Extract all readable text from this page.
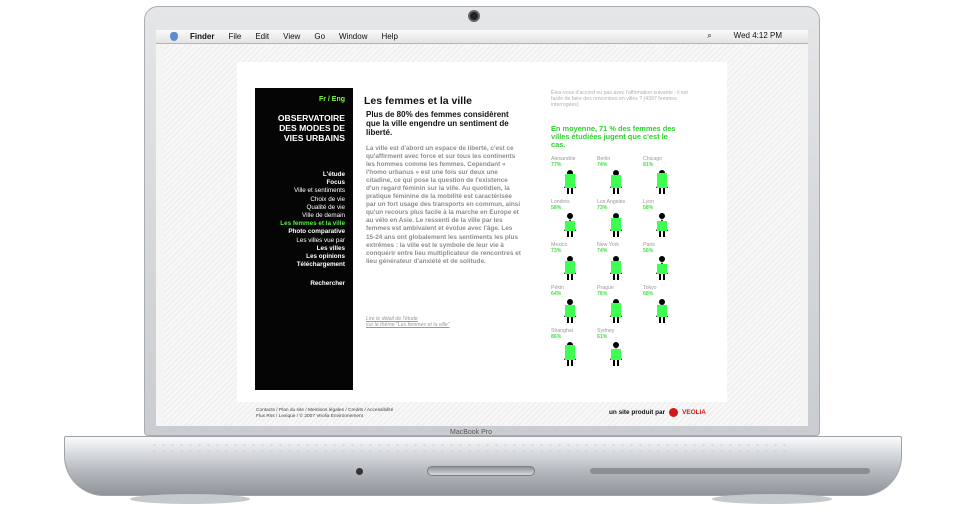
Finder File Edit View Go Window Help	⌕	Wed 4:12 PM
Fr / Eng
OBSERVATOIRE DES MODES DE VIES URBAINS
L'étude
Focus
Ville et sentiments
Choix de vie
Qualité de vie
Ville de demain
Les femmes et la ville
Photo comparative
Les villes vue par
Les villes
Les opinions
Téléchargement
Rechercher
Les femmes et la ville
Plus de 80% des femmes considèrent que la ville engendre un sentiment de liberté.
La ville est d'abord un espace de liberté, c'est ce qu'affirment avec force et sur tous les continents les hommes comme les femmes. Cependant « l'homo urbanus » est une fois sur deux une citadine, ce qui pose la question de l'existence d'un regard féminin sur la ville. Au quotidien, la pratique féminine de la mobilité est caractérisée par un fort usage des transports en commun, ainsi qu'un recours plus facile à la marche en Europe et au vélo en Asie. Le ressenti de la ville par les femmes est ambivalent et évolue avec l'âge. Les 15-24 ans ont globalement les sentiments les plus extrêmes : la ville est le symbole de leur vie à conquérir entre lieu multiplicateur de rencontres et lieu générateur d'anxiété et de solitude.
Lire le détail de l'étude
sur le thème "Les femmes et la ville"
Êtes-vous d'accord ou pas avec l'affirmation suivante : il est facile de faire des rencontres en villes ? (4397 femmes interrogées)
En moyenne, 71 % des femmes des villes étudiées jugent que c'est le cas.
Alexandrie
77%
Berlin
74%
Chicago
81%
Londres
58%
Los Angeles
73%
Lyon
58%
Mexico
73%
New York
74%
Paris
56%
Pékin
64%
Prague
76%
Tokyo
68%
Shanghai
86%
Sydney
61%
Contacts / Plan du site / Mentions légales / Credits / Accessibilité
Flux Rss / Lexique / © 2007 Veolia Environnement
un site produit par	VEOLIA
MacBook Pro
